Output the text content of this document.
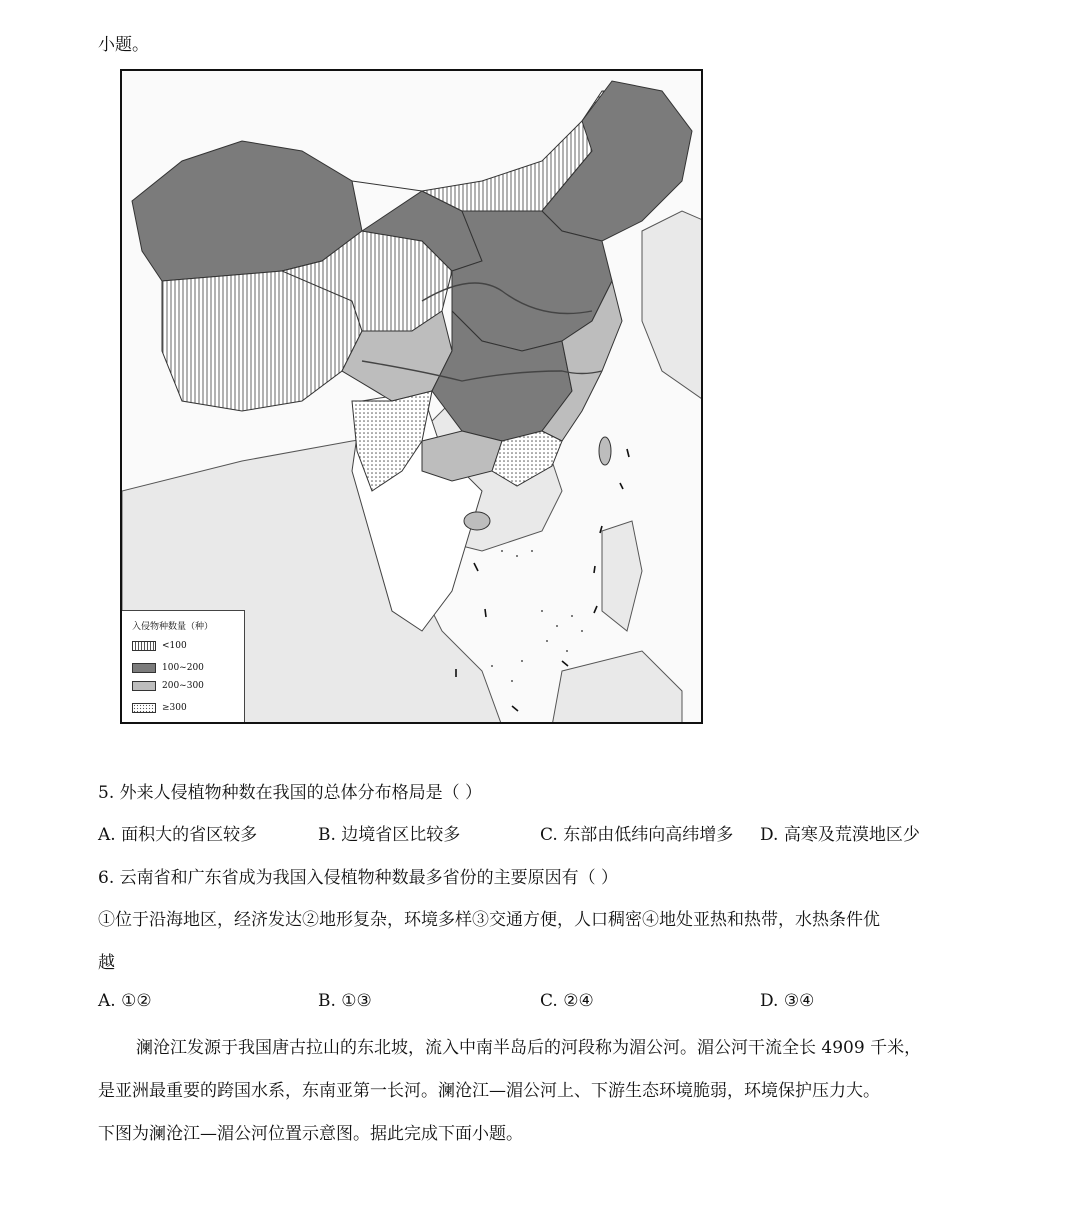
小题。
入侵物种数量（种）
<100
100~200
200~300
≥300
5. 外来人侵植物种数在我国的总体分布格局是（ ）
A. 面积大的省区较多	B. 边境省区比较多	C. 东部由低纬向高纬增多 D. 高寒及荒漠地区少
6. 云南省和广东省成为我国入侵植物种数最多省份的主要原因有（ ）
①位于沿海地区，经济发达②地形复杂，环境多样③交通方便，人口稠密④地处亚热和热带，水热条件优
越
A. ①②	B. ①③	C. ②④	D. ③④
澜沧江发源于我国唐古拉山的东北坡，流入中南半岛后的河段称为湄公河。湄公河干流全长 4909 千米，
是亚洲最重要的跨国水系，东南亚第一长河。澜沧江—湄公河上、下游生态环境脆弱，环境保护压力大。
下图为澜沧江—湄公河位置示意图。据此完成下面小题。
